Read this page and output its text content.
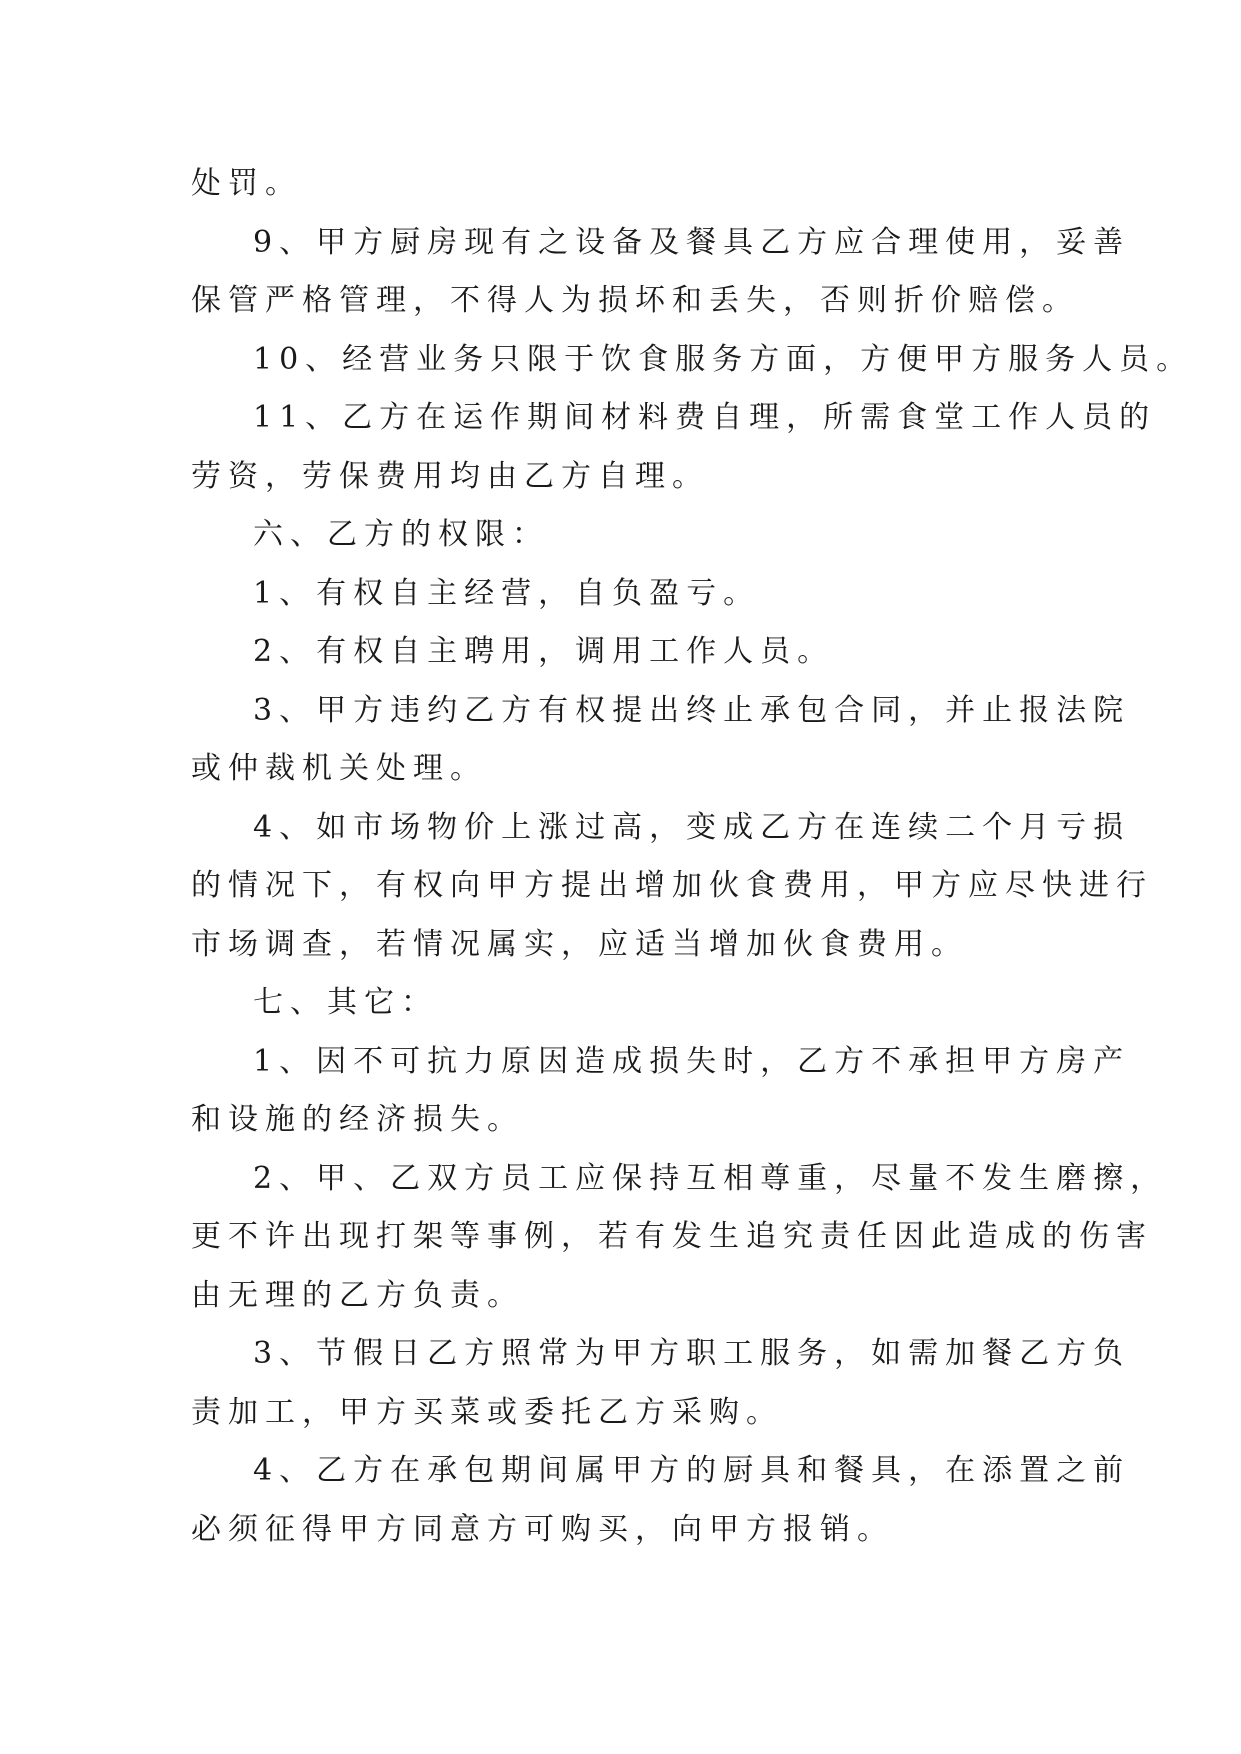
处罚。

9、甲方厨房现有之设备及餐具乙方应合理使用，妥善

保管严格管理，不得人为损坏和丢失，否则折价赔偿。

10、经营业务只限于饮食服务方面，方便甲方服务人员。

11、乙方在运作期间材料费自理，所需食堂工作人员的

劳资，劳保费用均由乙方自理。

六、乙方的权限：

1、有权自主经营，自负盈亏。

2、有权自主聘用，调用工作人员。

3、甲方违约乙方有权提出终止承包合同，并止报法院

或仲裁机关处理。

4、如市场物价上涨过高，变成乙方在连续二个月亏损

的情况下，有权向甲方提出增加伙食费用，甲方应尽快进行

市场调查，若情况属实，应适当增加伙食费用。

七、其它：

1、因不可抗力原因造成损失时，乙方不承担甲方房产

和设施的经济损失。

2、甲、乙双方员工应保持互相尊重，尽量不发生磨擦，

更不许出现打架等事例，若有发生追究责任因此造成的伤害

由无理的乙方负责。

3、节假日乙方照常为甲方职工服务，如需加餐乙方负

责加工，甲方买菜或委托乙方采购。

4、乙方在承包期间属甲方的厨具和餐具，在添置之前

必须征得甲方同意方可购买，向甲方报销。
